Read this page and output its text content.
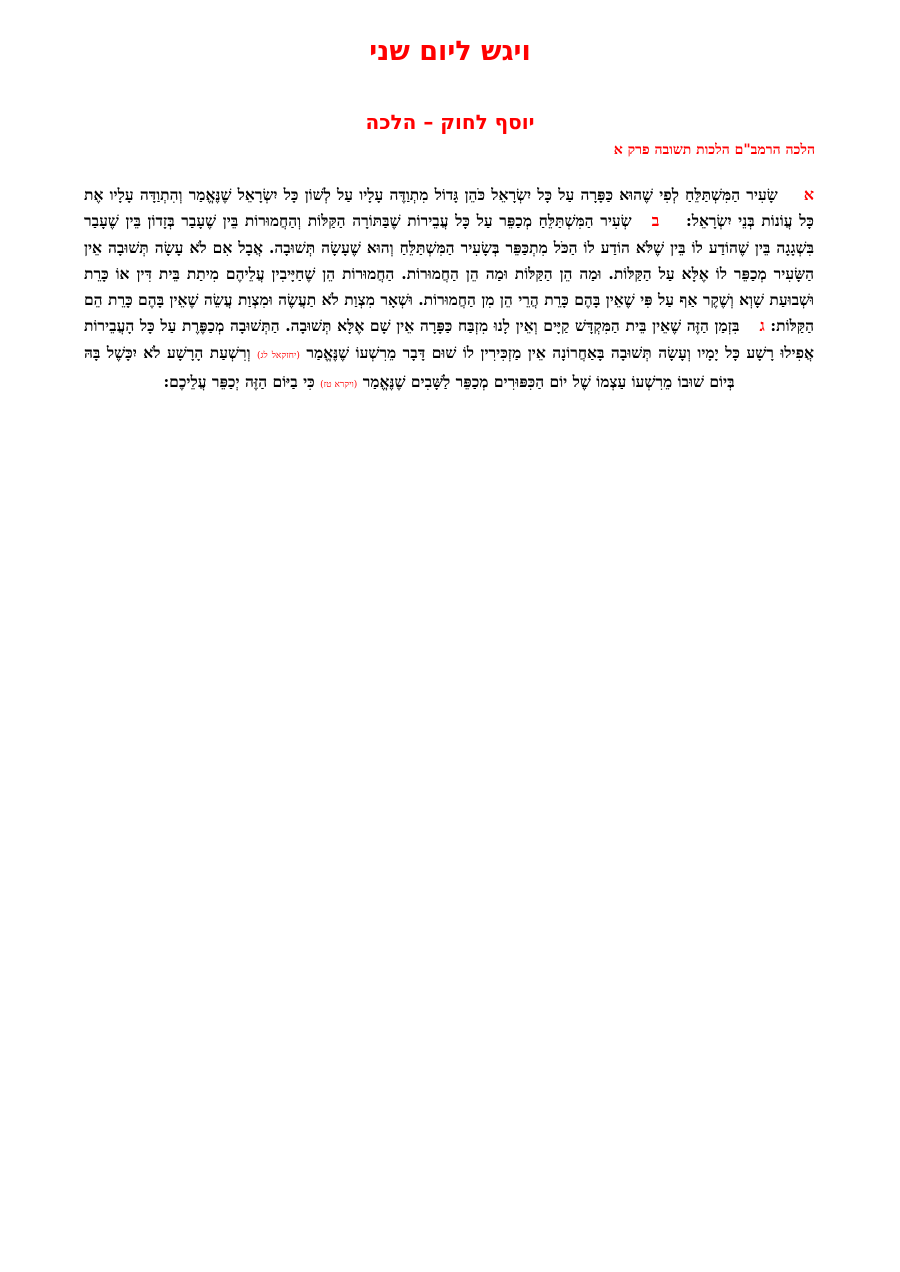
ויגש ליום שני
יוסף לחוק – הלכה
הלכה הרמב"ם הלכות תשובה פרק א

אשָׂעִיר הַמִּשְׁתַּלֵּחַ לְפִי שֶׁהוּא כַּפָּרָה עַל כָּל יִשְׂרָאֵל כֹּהֵן גָּדוֹל מִתְוַדֶּה עָלָיו עַל לְשׁוֹן כָּל יִשְׂרָאֵל שֶׁנֶּאֱמַר וְהִתְוַדָּה עָלָיו אֶת כָּל עֲוֹנוֹת בְּנֵי יִשְׂרָאֵל: בשְׂעִיר הַמִּשְׁתַּלֵּחַ מְכַפֵּר עַל כָּל עֲבֵירוֹת שֶׁבַּתּוֹרָה הַקַּלּוֹת וְהַחֲמוּרוֹת בֵּין שֶׁעָבַר בְּזָדוֹן בֵּין שֶׁעָבַר בִּשְׁגָגָה בֵּין שֶׁהוֹדַע לוֹ בֵּין שֶׁלֹּא הוֹדַע לוֹ הַכֹּל מִתְכַּפֵּר בְּשָׂעִיר הַמִּשְׁתַּלֵּחַ וְהוּא שֶׁעָשָׂה תְּשׁוּבָה. אֲבָל אִם לֹא עָשָׂה תְּשׁוּבָה אֵין הַשָּׂעִיר מְכַפֵּר לוֹ אֶלָּא עַל הַקַּלּוֹת. וּמַה הֵן הַקַּלּוֹת וּמַה הֵן הַחֲמוּרוֹת. הַחֲמוּרוֹת הֵן שֶׁחַיָּיבִין עֲלֵיהֶם מִיתַת בֵּית דִּין אוֹ כָּרֵת וּשְׁבוּעַת שָׁוְא וְשֶׁקֶר אַף עַל פִּי שֶׁאֵין בָּהֶם כָּרֵת הֲרֵי הֵן מִן הַחֲמוּרוֹת. וּשְׁאָר מִצְוַת לֹא תַעֲשֶׂה וּמִצְוַת עֲשֵׂה שֶׁאֵין בָּהֶם כָּרֵת הֵם הַקַּלּוֹת: גבִּזְמַן הַזֶּה שֶׁאֵין בֵּית הַמִּקְדָּשׁ קַיָּים וְאֵין לָנוּ מִזְבַּח כַּפָּרָה אֵין שָׁם אֶלָּא תְּשׁוּבָה. הַתְּשׁוּבָה מְכַפֶּרֶת עַל כָּל הָעֲבֵירוֹת אֲפִילוּ רָשָׁע כָּל יָמָיו וְעָשָׂה תְּשׁוּבָה בָּאַחֲרוֹנָה אֵין מַזְכִּירִין לוֹ שׁוּם דָּבָר מֵרִשְׁעוֹ שֶׁנֶּאֱמַר (יחזקאל לג) וְרִשְׁעַת הָרָשָׁע לֹא יִכָּשֶׁל בָּהּ בְּיוֹם שׁוּבוֹ מֵרִשְׁעוֹ עַצְמוֹ שֶׁל יוֹם הַכִּפּוּרִים מְכַפֵּר לַשָּׁבִים שֶׁנֶּאֱמַר (ויקרא טז) כִּי בַיּוֹם הַזֶּה יְכַפֵּר עֲלֵיכֶם:
